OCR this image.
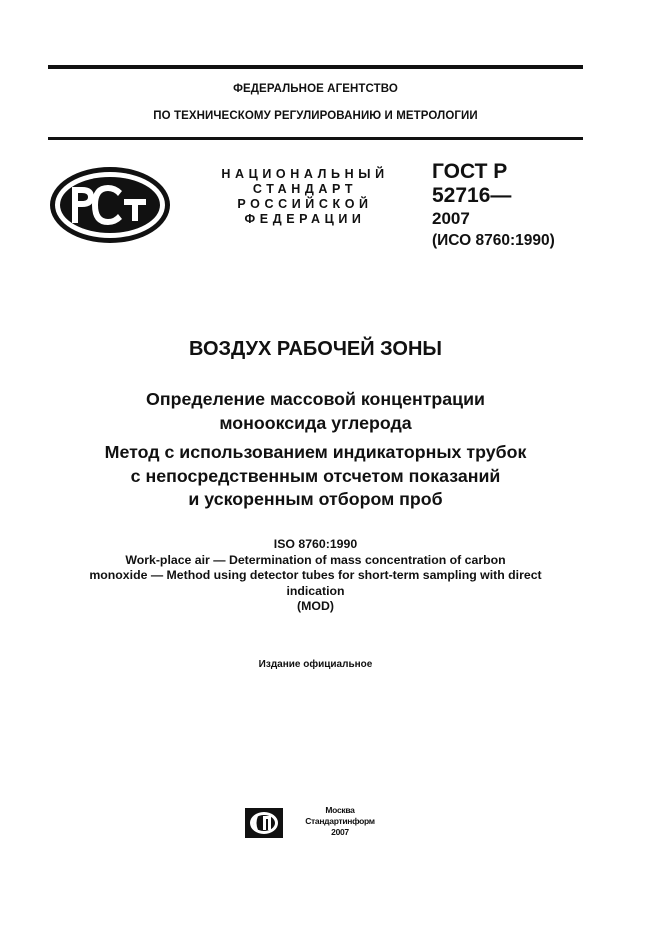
ФЕДЕРАЛЬНОЕ АГЕНТСТВО
ПО ТЕХНИЧЕСКОМУ РЕГУЛИРОВАНИЮ И МЕТРОЛОГИИ
НАЦИОНАЛЬНЫЙ
СТАНДАРТ
РОССИЙСКОЙ
ФЕДЕРАЦИИ
ГОСТ Р
52716—
2007
(ИСО 8760:1990)
ВОЗДУХ РАБОЧЕЙ ЗОНЫ
Определение массовой концентрации
монооксида углерода
Метод с использованием индикаторных трубок
с непосредственным отсчетом показаний
и ускоренным отбором проб
ISO 8760:1990
Work-place air — Determination of mass concentration of carbon
monoxide — Method using detector tubes for short-term sampling with direct
indication
(MOD)
Издание официальное
Москва
Стандартинформ
2007
